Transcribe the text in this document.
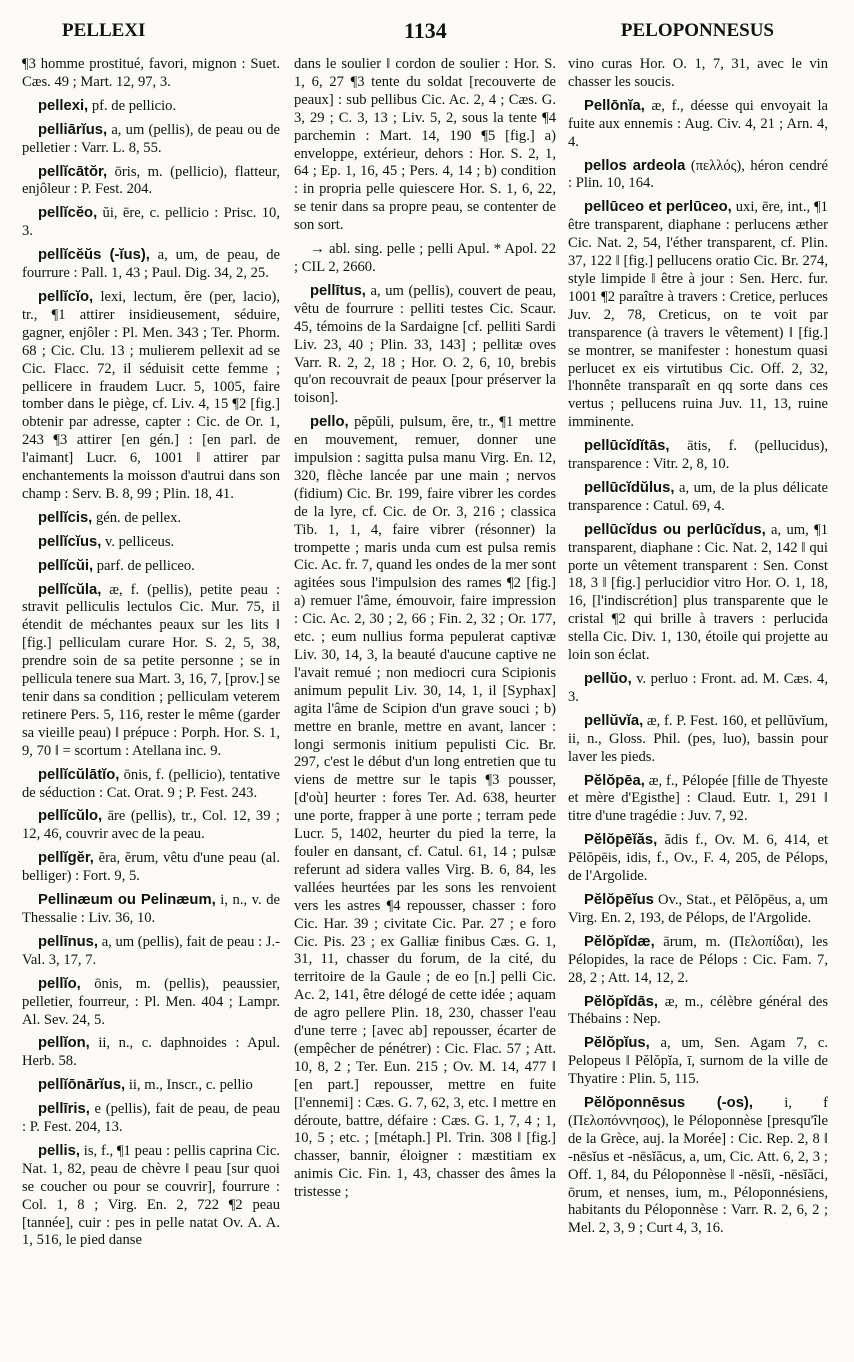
PELLEXI	1134	PELOPONNESUS

¶3 homme prostitué, favori, mignon : Suet. Cæs. 49 ; Mart. 12, 97, 3.

pellexi, pf. de pellicio.

pelliārĭus, a, um (pellis), de peau ou de pelletier : Varr. L. 8, 55.

pellĭcātŏr, ōris, m. (pellicio), flatteur, enjôleur : P. Fest. 204.

pellĭcĕo, ŭi, ēre, c. pellicio : Prisc. 10, 3.

pellĭcĕŭs (-ĭus), a, um, de peau, de fourrure : Pall. 1, 43 ; Paul. Dig. 34, 2, 25.

pellĭcĭo, lexi, lectum, ĕre (per, lacio), tr., ¶1 attirer insidieusement, séduire, gagner, enjôler : Pl. Men. 343 ; Ter. Phorm. 68 ; Cic. Clu. 13 ; mulierem pellexit ad se Cic. Flacc. 72, il séduisit cette femme ; pellicere in fraudem Lucr. 5, 1005, faire tomber dans le piège, cf. Liv. 4, 15 ¶2 [fig.] obtenir par adresse, capter : Cic. de Or. 1, 243 ¶3 attirer [en gén.] : [en parl. de l'aimant] Lucr. 6, 1001 ‖ attirer par enchantements la moisson d'autrui dans son champ : Serv. B. 8, 99 ; Plin. 18, 41.

pellĭcis, gén. de pellex.

pellĭcĭus, v. pelliceus.

pellĭcŭi, parf. de pelliceo.

pellĭcŭla, æ, f. (pellis), petite peau : stravit pelliculis lectulos Cic. Mur. 75, il étendit de méchantes peaux sur les lits ‖ [fig.] pelliculam curare Hor. S. 2, 5, 38, prendre soin de sa petite personne ; se in pellicula tenere sua Mart. 3, 16, 7, [prov.] se tenir dans sa condition ; pelliculam veterem retinere Pers. 5, 116, rester le même (garder sa vieille peau) ‖ prépuce : Porph. Hor. S. 1, 9, 70 ‖ = scortum : Atellana inc. 9.

pellĭcŭlātĭo, ōnis, f. (pellicio), tentative de séduction : Cat. Orat. 9 ; P. Fest. 243.

pellĭcŭlo, āre (pellis), tr., Col. 12, 39 ; 12, 46, couvrir avec de la peau.

pellĭgĕr, ĕra, ĕrum, vêtu d'une peau (al. belliger) : Fort. 9, 5.

Pellinæum ou Pelinæum, i, n., v. de Thessalie : Liv. 36, 10.

pellīnus, a, um (pellis), fait de peau : J.-Val. 3, 17, 7.

pellĭo, ōnis, m. (pellis), peaussier, pelletier, fourreur, : Pl. Men. 404 ; Lampr. Al. Sev. 24, 5.

pellĭon, ii, n., c. daphnoides : Apul. Herb. 58.

pellĭōnārĭus, ii, m., Inscr., c. pellio

pellīris, e (pellis), fait de peau, de peau : P. Fest. 204, 13.

pellis, is, f., ¶1 peau : pellis caprina Cic. Nat. 1, 82, peau de chèvre ‖ peau [sur quoi se coucher ou pour se couvrir], fourrure : Col. 1, 8 ; Virg. En. 2, 722 ¶2 peau [tannée], cuir : pes in pelle natat Ov. A. A. 1, 516, le pied danse

dans le soulier ‖ cordon de soulier : Hor. S. 1, 6, 27 ¶3 tente du soldat [recouverte de peaux] : sub pellibus Cic. Ac. 2, 4 ; Cæs. G. 3, 29 ; C. 3, 13 ; Liv. 5, 2, sous la tente ¶4 parchemin : Mart. 14, 190 ¶5 [fig.] a) enveloppe, extérieur, dehors : Hor. S. 2, 1, 64 ; Ep. 1, 16, 45 ; Pers. 4, 14 ; b) condition : in propria pelle quiescere Hor. S. 1, 6, 22, se tenir dans sa propre peau, se contenter de son sort.

→ abl. sing. pelle ; pelli Apul. * Apol. 22 ; CIL 2, 2660.

pellītus, a, um (pellis), couvert de peau, vêtu de fourrure : pelliti testes Cic. Scaur. 45, témoins de la Sardaigne [cf. pelliti Sardi Liv. 23, 40 ; Plin. 33, 143] ; pellitæ oves Varr. R. 2, 2, 18 ; Hor. O. 2, 6, 10, brebis qu'on recouvrait de peaux [pour préserver la toison].

pello, pĕpŭli, pulsum, ĕre, tr., ¶1 mettre en mouvement, remuer, donner une impulsion : sagitta pulsa manu Virg. En. 12, 320, flèche lancée par une main ; nervos (fidium) Cic. Br. 199, faire vibrer les cordes de la lyre, cf. Cic. de Or. 3, 216 ; classica Tib. 1, 1, 4, faire vibrer (résonner) la trompette ; maris unda cum est pulsa remis Cic. Ac. fr. 7, quand les ondes de la mer sont agitées sous l'impulsion des rames ¶2 [fig.] a) remuer l'âme, émouvoir, faire impression : Cic. Ac. 2, 30 ; 2, 66 ; Fin. 2, 32 ; Or. 177, etc. ; eum nullius forma pepulerat captivæ Liv. 30, 14, 3, la beauté d'aucune captive ne l'avait remué ; non mediocri cura Scipionis animum pepulit Liv. 30, 14, 1, il [Syphax] agita l'âme de Scipion d'un grave souci ; b) mettre en branle, mettre en avant, lancer : longi sermonis initium pepulisti Cic. Br. 297, c'est le début d'un long entretien que tu viens de mettre sur le tapis ¶3 pousser, [d'où] heurter : fores Ter. Ad. 638, heurter une porte, frapper à une porte ; terram pede Lucr. 5, 1402, heurter du pied la terre, la fouler en dansant, cf. Catul. 61, 14 ; pulsæ referunt ad sidera valles Virg. B. 6, 84, les vallées heurtées par les sons les renvoient vers les astres ¶4 repousser, chasser : foro Cic. Har. 39 ; civitate Cic. Par. 27 ; e foro Cic. Pis. 23 ; ex Galliæ finibus Cæs. G. 1, 31, 11, chasser du forum, de la cité, du territoire de la Gaule ; de eo [n.] pelli Cic. Ac. 2, 141, être délogé de cette idée ; aquam de agro pellere Plin. 18, 230, chasser l'eau d'une terre ; [avec ab] repousser, écarter de (empêcher de pénétrer) : Cic. Flac. 57 ; Att. 10, 8, 2 ; Ter. Eun. 215 ; Ov. M. 14, 477 ‖ [en part.] repousser, mettre en fuite [l'ennemi] : Cæs. G. 7, 62, 3, etc. ‖ mettre en déroute, battre, défaire : Cæs. G. 1, 7, 4 ; 1, 10, 5 ; etc. ; [métaph.] Pl. Trin. 308 ‖ [fig.] chasser, bannir, éloigner : mæstitiam ex animis Cic. Fin. 1, 43, chasser des âmes la tristesse ;

vino curas Hor. O. 1, 7, 31, avec le vin chasser les soucis.

Pellōnĭa, æ, f., déesse qui envoyait la fuite aux ennemis : Aug. Civ. 4, 21 ; Arn. 4, 4.

pellos ardeola (πελλός), héron cendré : Plin. 10, 164.

pellūceo et perlūceo, uxi, ēre, int., ¶1 être transparent, diaphane : perlucens æther Cic. Nat. 2, 54, l'éther transparent, cf. Plin. 37, 122 ‖ [fig.] pellucens oratio Cic. Br. 274, style limpide ‖ être à jour : Sen. Herc. fur. 1001 ¶2 paraître à travers : Cretice, perluces Juv. 2, 78, Creticus, on te voit par transparence (à travers le vêtement) ‖ [fig.] se montrer, se manifester : honestum quasi perlucet ex eis virtutibus Cic. Off. 2, 32, l'honnête transparaît en qq sorte dans ces vertus ; pellucens ruina Juv. 11, 13, ruine imminente.

pellūcĭdĭtās, ātis, f. (pellucidus), transparence : Vitr. 2, 8, 10.

pellūcĭdŭlus, a, um, de la plus délicate transparence : Catul. 69, 4.

pellūcĭdus ou perlūcĭdus, a, um, ¶1 transparent, diaphane : Cic. Nat. 2, 142 ‖ qui porte un vêtement transparent : Sen. Const 18, 3 ‖ [fig.] perlucidior vitro Hor. O. 1, 18, 16, [l'indiscrétion] plus transparente que le cristal ¶2 qui brille à travers : perlucida stella Cic. Div. 1, 130, étoile qui projette au loin son éclat.

pellŭo, v. perluo : Front. ad. M. Cæs. 4, 3.

pellŭvĭa, æ, f. P. Fest. 160, et pellŭvĭum, ii, n., Gloss. Phil. (pes, luo), bassin pour laver les pieds.

Pĕlŏpēa, æ, f., Pélopée [fille de Thyeste et mère d'Egisthe] : Claud. Eutr. 1, 291 ‖ titre d'une tragédie : Juv. 7, 92.

Pĕlŏpēĭăs, ădis f., Ov. M. 6, 414, et Pĕlŏpēis, idis, f., Ov., F. 4, 205, de Pélops, de l'Argolide.

Pĕlŏpēĭus Ov., Stat., et Pĕlŏpēus, a, um Virg. En. 2, 193, de Pélops, de l'Argolide.

Pĕlŏpĭdæ, ārum, m. (Πελοπίδαι), les Pélopides, la race de Pélops : Cic. Fam. 7, 28, 2 ; Att. 14, 12, 2.

Pĕlŏpĭdās, æ, m., célèbre général des Thébains : Nep.

Pĕlŏpĭus, a, um, Sen. Agam 7, c. Pelopeus ‖ Pĕlŏpĭa, ī, surnom de la ville de Thyatire : Plin. 5, 115.

Pĕlŏponnēsus (-os), i, f (Πελοπόννησος), le Péloponnèse [presqu'île de la Grèce, auj. la Morée] : Cic. Rep. 2, 8 ‖ -nēsĭus et -nēsĭăcus, a, um, Cic. Att. 6, 2, 3 ; Off. 1, 84, du Péloponnèse ‖ -nēsĭi, -nēsĭăci, ōrum, et nenses, ium, m., Péloponnésiens, habitants du Péloponnèse : Varr. R. 2, 6, 2 ; Mel. 2, 3, 9 ; Curt 4, 3, 16.
